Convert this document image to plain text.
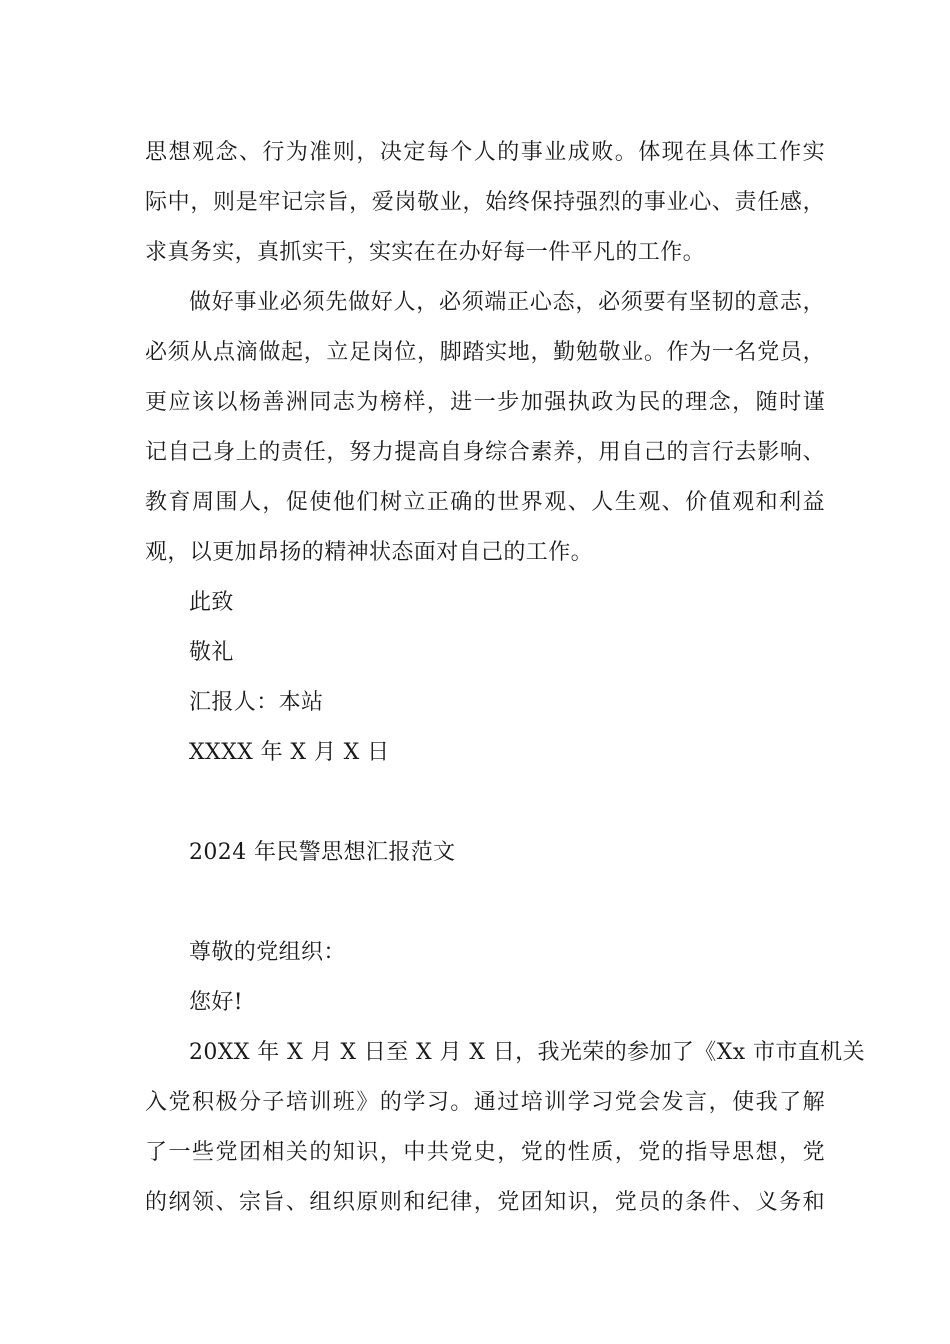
思想观念、行为准则，决定每个人的事业成败。体现在具体工作实
际中，则是牢记宗旨，爱岗敬业，始终保持强烈的事业心、责任感，
求真务实，真抓实干，实实在在办好每一件平凡的工作。
做好事业必须先做好人，必须端正心态，必须要有坚韧的意志，
必须从点滴做起，立足岗位，脚踏实地，勤勉敬业。作为一名党员，
更应该以杨善洲同志为榜样，进一步加强执政为民的理念，随时谨
记自己身上的责任，努力提高自身综合素养，用自己的言行去影响、
教育周围人，促使他们树立正确的世界观、人生观、价值观和利益
观，以更加昂扬的精神状态面对自己的工作。
此致
敬礼
汇报人：本站
XXXX 年 X 月 X 日
2024 年民警思想汇报范文
尊敬的党组织：
您好!
20XX 年 X 月 X 日至 X 月 X 日，我光荣的参加了《Xx 市市直机关
入党积极分子培训班》的学习。通过培训学习党会发言，使我了解
了一些党团相关的知识，中共党史，党的性质，党的指导思想，党
的纲领、宗旨、组织原则和纪律，党团知识，党员的条件、义务和
